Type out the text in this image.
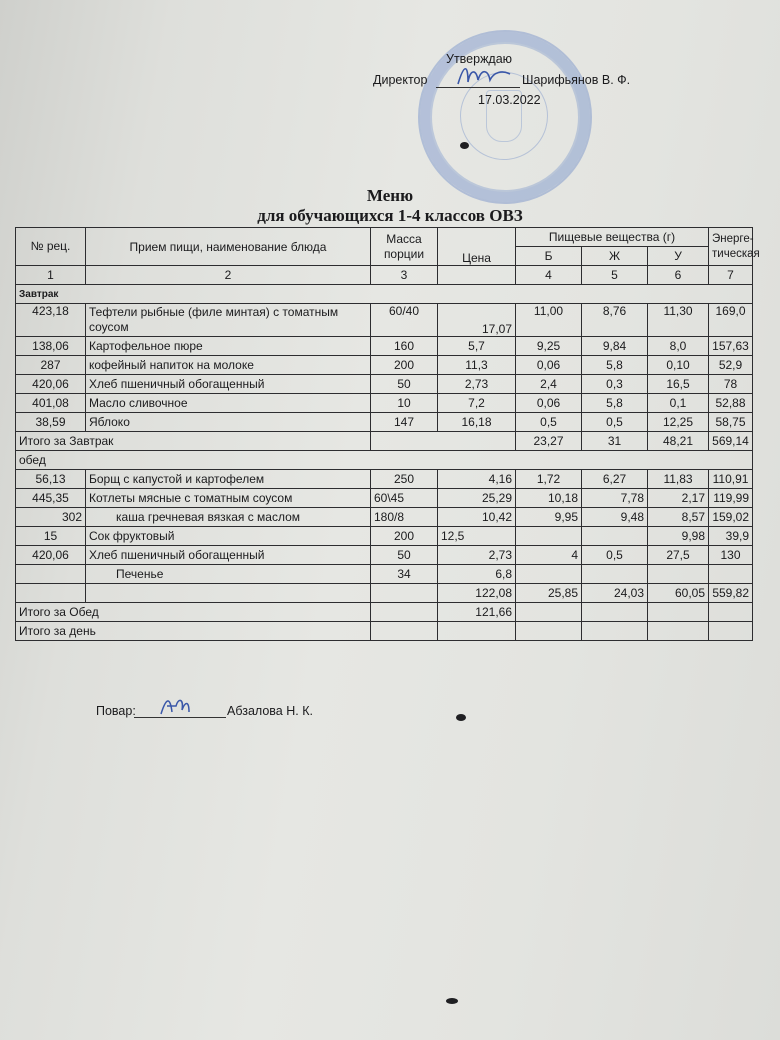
Утверждаю
Директор	Шарифьянов В. Ф.
17.03.2022
Меню
для обучающихся 1-4 классов ОВЗ
№ рец.	Прием пищи, наименование блюда	Масса порции	Цена	Пищевые вещества (г)			Энерге-тическая
				Б	Ж	У	
1	2	3		4	5	6	7
Завтрак							
423,18	Тефтели рыбные (филе минтая) с томатным соусом	60/40	17,07	11,00	8,76	11,30	169,0
138,06	Картофельное пюре	160	5,7	9,25	9,84	8,0	157,63
287	кофейный напиток на молоке	200	11,3	0,06	5,8	0,10	52,9
420,06	Хлеб пшеничный обогащенный	50	2,73	2,4	0,3	16,5	78
401,08	Масло сливочное	10	7,2	0,06	5,8	0,1	52,88
38,59	Яблоко	147	16,18	0,5	0,5	12,25	58,75
Итого за Завтрак				23,27	31	48,21	569,14
обед							
56,13	Борщ с капустой и картофелем	250	4,16	1,72	6,27	11,83	110,91
445,35	Котлеты мясные с томатным соусом	60\45	25,29	10,18	7,78	2,17	119,99
302	каша гречневая вязкая с маслом	180/8	10,42	9,95	9,48	8,57	159,02
15	Сок фруктовый	200	12,5			9,98	39,9
420,06	Хлеб пшеничный обогащенный	50	2,73	4	0,5	27,5	130
	Печенье	34	6,8				
			122,08	25,85	24,03	60,05	559,82
Итого за Обед			121,66				
Итого за день							
Повар:	Абзалова Н. К.
